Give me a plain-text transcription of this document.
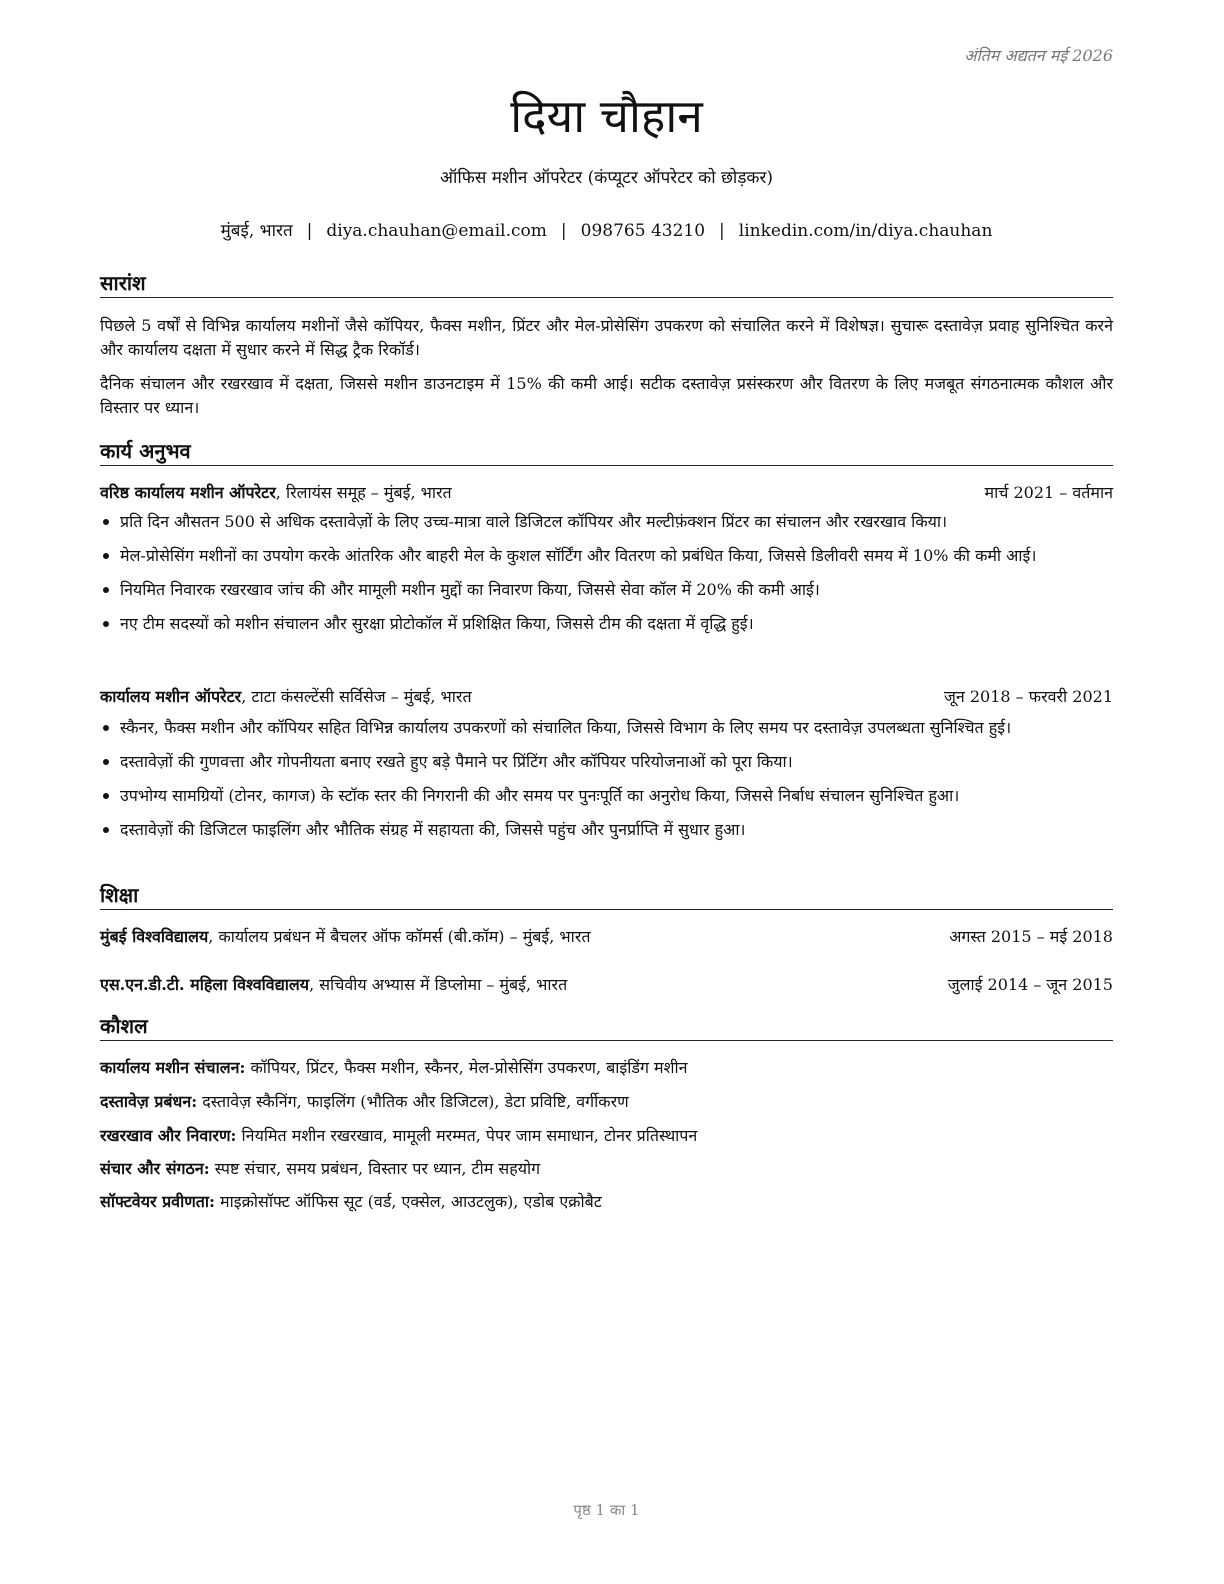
अंतिम अद्यतन मई 2026
दिया चौहान
ऑफिस मशीन ऑपरेटर (कंप्यूटर ऑपरेटर को छोड़कर)
मुंबई, भारत | diya.chauhan@email.com | 098765 43210 | linkedin.com/in/diya.chauhan
सारांश
पिछले 5 वर्षों से विभिन्न कार्यालय मशीनों जैसे कॉपियर, फैक्स मशीन, प्रिंटर और मेल-प्रोसेसिंग उपकरण को संचालित करने में विशेषज्ञ। सुचारू दस्तावेज़ प्रवाह सुनिश्चित करने और कार्यालय दक्षता में सुधार करने में सिद्ध ट्रैक रिकॉर्ड।
दैनिक संचालन और रखरखाव में दक्षता, जिससे मशीन डाउनटाइम में 15% की कमी आई। सटीक दस्तावेज़ प्रसंस्करण और वितरण के लिए मजबूत संगठनात्मक कौशल और विस्तार पर ध्यान।
कार्य अनुभव
वरिष्ठ कार्यालय मशीन ऑपरेटर, रिलायंस समूह – मुंबई, भारत	मार्च 2021 – वर्तमान
प्रति दिन औसतन 500 से अधिक दस्तावेज़ों के लिए उच्च-मात्रा वाले डिजिटल कॉपियर और मल्टीफ़ंक्शन प्रिंटर का संचालन और रखरखाव किया।
मेल-प्रोसेसिंग मशीनों का उपयोग करके आंतरिक और बाहरी मेल के कुशल सॉर्टिंग और वितरण को प्रबंधित किया, जिससे डिलीवरी समय में 10% की कमी आई।
नियमित निवारक रखरखाव जांच की और मामूली मशीन मुद्दों का निवारण किया, जिससे सेवा कॉल में 20% की कमी आई।
नए टीम सदस्यों को मशीन संचालन और सुरक्षा प्रोटोकॉल में प्रशिक्षित किया, जिससे टीम की दक्षता में वृद्धि हुई।
कार्यालय मशीन ऑपरेटर, टाटा कंसल्टेंसी सर्विसेज – मुंबई, भारत	जून 2018 – फरवरी 2021
स्कैनर, फैक्स मशीन और कॉपियर सहित विभिन्न कार्यालय उपकरणों को संचालित किया, जिससे विभाग के लिए समय पर दस्तावेज़ उपलब्धता सुनिश्चित हुई।
दस्तावेज़ों की गुणवत्ता और गोपनीयता बनाए रखते हुए बड़े पैमाने पर प्रिंटिंग और कॉपियर परियोजनाओं को पूरा किया।
उपभोग्य सामग्रियों (टोनर, कागज) के स्टॉक स्तर की निगरानी की और समय पर पुनःपूर्ति का अनुरोध किया, जिससे निर्बाध संचालन सुनिश्चित हुआ।
दस्तावेज़ों की डिजिटल फाइलिंग और भौतिक संग्रह में सहायता की, जिससे पहुंच और पुनर्प्राप्ति में सुधार हुआ।
शिक्षा
मुंबई विश्वविद्यालय, कार्यालय प्रबंधन में बैचलर ऑफ कॉमर्स (बी.कॉम) – मुंबई, भारत	अगस्त 2015 – मई 2018
एस.एन.डी.टी. महिला विश्वविद्यालय, सचिवीय अभ्यास में डिप्लोमा – मुंबई, भारत	जुलाई 2014 – जून 2015
कौशल
कार्यालय मशीन संचालन: कॉपियर, प्रिंटर, फैक्स मशीन, स्कैनर, मेल-प्रोसेसिंग उपकरण, बाइंडिंग मशीन
दस्तावेज़ प्रबंधन: दस्तावेज़ स्कैनिंग, फाइलिंग (भौतिक और डिजिटल), डेटा प्रविष्टि, वर्गीकरण
रखरखाव और निवारण: नियमित मशीन रखरखाव, मामूली मरम्मत, पेपर जाम समाधान, टोनर प्रतिस्थापन
संचार और संगठन: स्पष्ट संचार, समय प्रबंधन, विस्तार पर ध्यान, टीम सहयोग
सॉफ्टवेयर प्रवीणता: माइक्रोसॉफ्ट ऑफिस सूट (वर्ड, एक्सेल, आउटलुक), एडोब एक्रोबैट
पृष्ठ 1 का 1
